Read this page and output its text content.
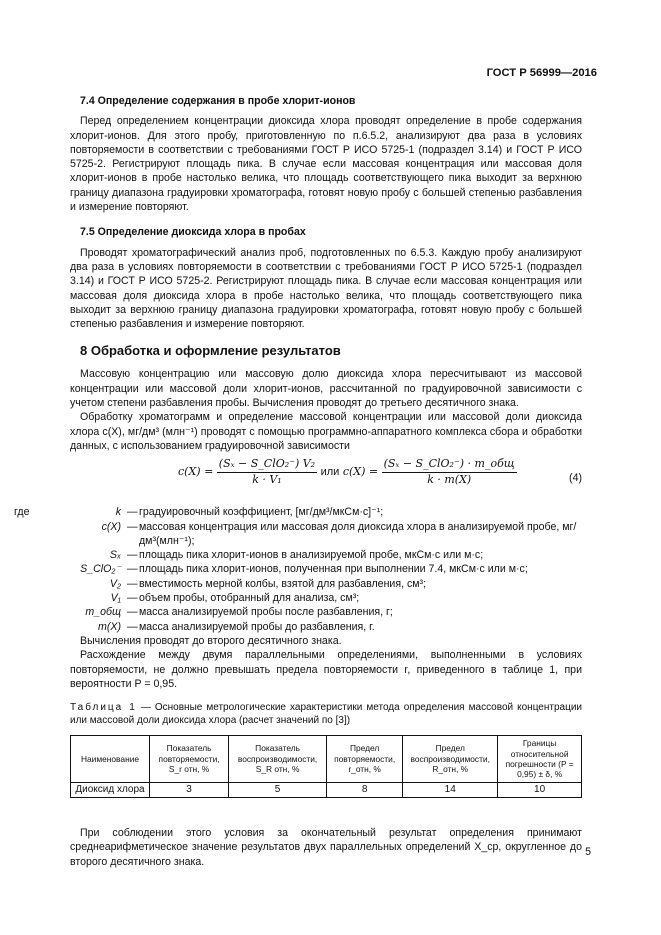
ГОСТ Р 56999—2016
7.4 Определение содержания в пробе хлорит-ионов

Перед определением концентрации диоксида хлора проводят определение в пробе содержания хлорит-ионов. Для этого пробу, приготовленную по п.6.5.2, анализируют два раза в условиях повторяемости в соответствии с требованиями ГОСТ Р ИСО 5725-1 (подраздел 3.14) и ГОСТ Р ИСО 5725-2. Регистрируют площадь пика. В случае если массовая концентрация или массовая доля хлорит-ионов в пробе настолько велика, что площадь соответствующего пика выходит за верхнюю границу диапазона градуировки хроматографа, готовят новую пробу с большей степенью разбавления и измерение повторяют.

7.5 Определение диоксида хлора в пробах

Проводят хроматографический анализ проб, подготовленных по 6.5.3. Каждую пробу анализируют два раза в условиях повторяемости в соответствии с требованиями ГОСТ Р ИСО 5725-1 (подраздел 3.14) и ГОСТ Р ИСО 5725-2. Регистрируют площадь пика. В случае если массовая концентрация или массовая доля диоксида хлора в пробе настолько велика, что площадь соответствующего пика выходит за верхнюю границу диапазона градуировки хроматографа, готовят новую пробу с большей степенью разбавления и измерение повторяют.

8 Обработка и оформление результатов

Массовую концентрацию или массовую долю диоксида хлора пересчитывают из массовой концентрации или массовой доли хлорит-ионов, рассчитанной по градуировочной зависимости с учетом степени разбавления пробы. Вычисления проводят до третьего десятичного знака.

Обработку хроматограмм и определение массовой концентрации или массовой доли диоксида хлора c(X), мг/дм³ (млн⁻¹) проводят с помощью программно-аппаратного комплекса сбора и обработки данных, с использованием градуировочной зависимости

$c(X) = \frac{\text{(Sₓ − S\_ClO₂⁻) V₂}}{\text{k · V₁}}$ или $c(X) = \frac{\text{(Sₓ − S\_ClO₂⁻) · m\_общ}}{k \cdot m(X)}$	(4)
где	k — градуировочный коэффициент, [мг/дм³/мкСм·с]⁻¹;
c(X) — массовая концентрация или массовая доля диоксида хлора в анализируемой пробе, мг/дм³(млн⁻¹);
Sₓ — площадь пика хлорит-ионов в анализируемой пробе, мкСм·с или м·с;
S_ClO₂⁻ — площадь пика хлорит-ионов, полученная при выполнении 7.4, мкСм·с или м·с;
V₂ — вместимость мерной колбы, взятой для разбавления, см³;
V₁ — объем пробы, отобранный для анализа, см³;
m_общ — масса анализируемой пробы после разбавления, г;
m(X) — масса анализируемой пробы до разбавления, г.

Вычисления проводят до второго десятичного знака.

Расхождение между двумя параллельными определениями, выполненными в условиях повторяемости, не должно превышать предела повторяемости r, приведенного в таблице 1, при вероятности P = 0,95.

Таблица 1 — Основные метрологические характеристики метода определения массовой концентрации или массовой доли диоксида хлора (расчет значений по [3])
Наименование	Показатель повторяемости, S_r отн, %	Показатель воспроизводимости, S_R отн, %	Предел повторяемости, r_отн, %	Предел воспроизводимости, R_отн, %	Границы относительной погрешности (P = 0,95) ± δ, %
Диоксид хлора	3	5	8	14	10

При соблюдении этого условия за окончательный результат определения принимают среднеарифметическое значение результатов двух параллельных определений X_ср, округленное до второго десятичного знака.

5
